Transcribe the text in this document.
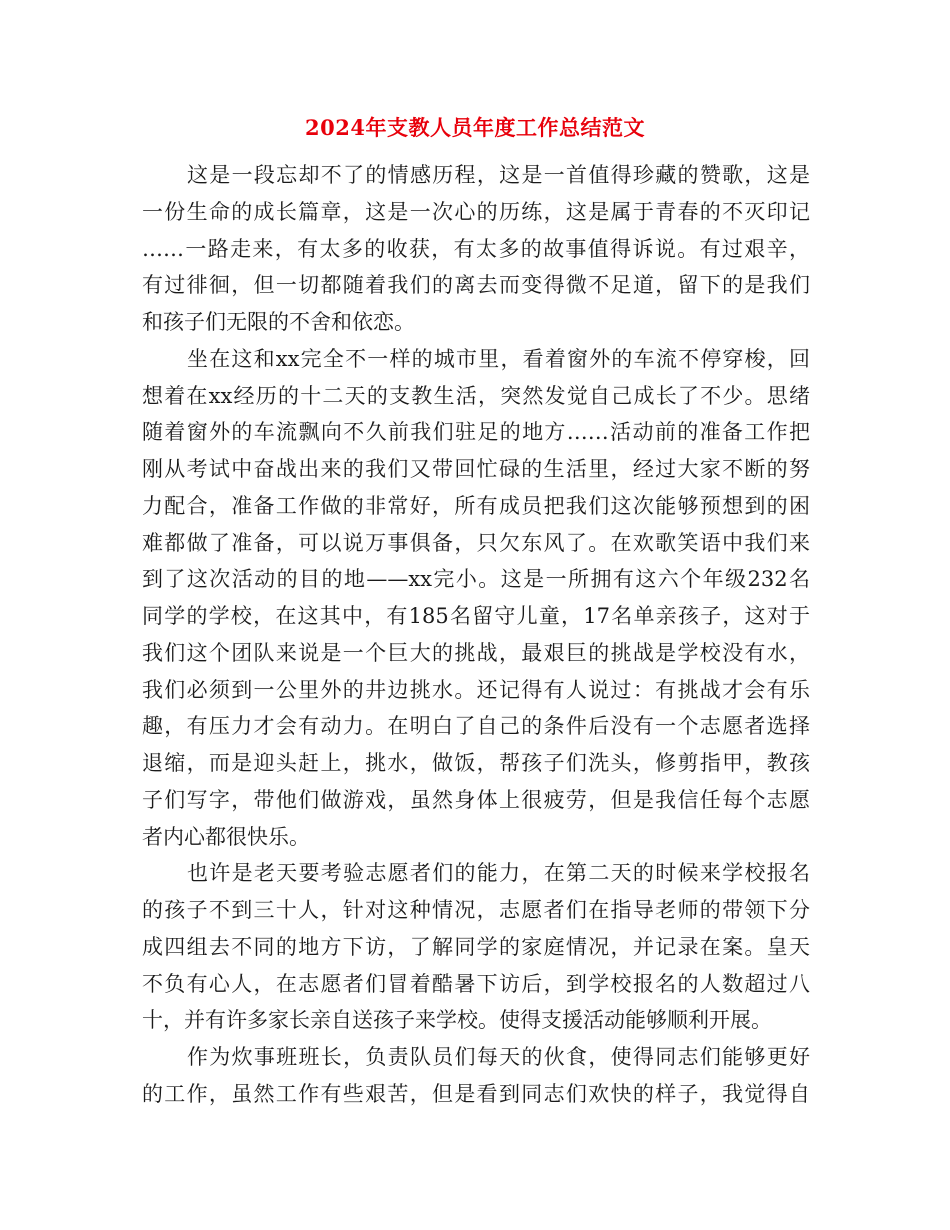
2024年支教人员年度工作总结范文
这是一段忘却不了的情感历程，这是一首值得珍藏的赞歌，这是
一份生命的成长篇章，这是一次心的历练，这是属于青春的不灭印记
……一路走来，有太多的收获，有太多的故事值得诉说。有过艰辛，
有过徘徊，但一切都随着我们的离去而变得微不足道，留下的是我们
和孩子们无限的不舍和依恋。
坐在这和xx完全不一样的城市里，看着窗外的车流不停穿梭，回
想着在xx经历的十二天的支教生活，突然发觉自己成长了不少。思绪
随着窗外的车流飘向不久前我们驻足的地方……活动前的准备工作把
刚从考试中奋战出来的我们又带回忙碌的生活里，经过大家不断的努
力配合，准备工作做的非常好，所有成员把我们这次能够预想到的困
难都做了准备，可以说万事俱备，只欠东风了。在欢歌笑语中我们来
到了这次活动的目的地——xx完小。这是一所拥有这六个年级232名
同学的学校，在这其中，有185名留守儿童，17名单亲孩子，这对于
我们这个团队来说是一个巨大的挑战，最艰巨的挑战是学校没有水，
我们必须到一公里外的井边挑水。还记得有人说过：有挑战才会有乐
趣，有压力才会有动力。在明白了自己的条件后没有一个志愿者选择
退缩，而是迎头赶上，挑水，做饭，帮孩子们洗头，修剪指甲，教孩
子们写字，带他们做游戏，虽然身体上很疲劳，但是我信任每个志愿
者内心都很快乐。
也许是老天要考验志愿者们的能力，在第二天的时候来学校报名
的孩子不到三十人，针对这种情况，志愿者们在指导老师的带领下分
成四组去不同的地方下访，了解同学的家庭情况，并记录在案。皇天
不负有心人，在志愿者们冒着酷暑下访后，到学校报名的人数超过八
十，并有许多家长亲自送孩子来学校。使得支援活动能够顺利开展。
作为炊事班班长，负责队员们每天的伙食，使得同志们能够更好
的工作，虽然工作有些艰苦，但是看到同志们欢快的样子，我觉得自
